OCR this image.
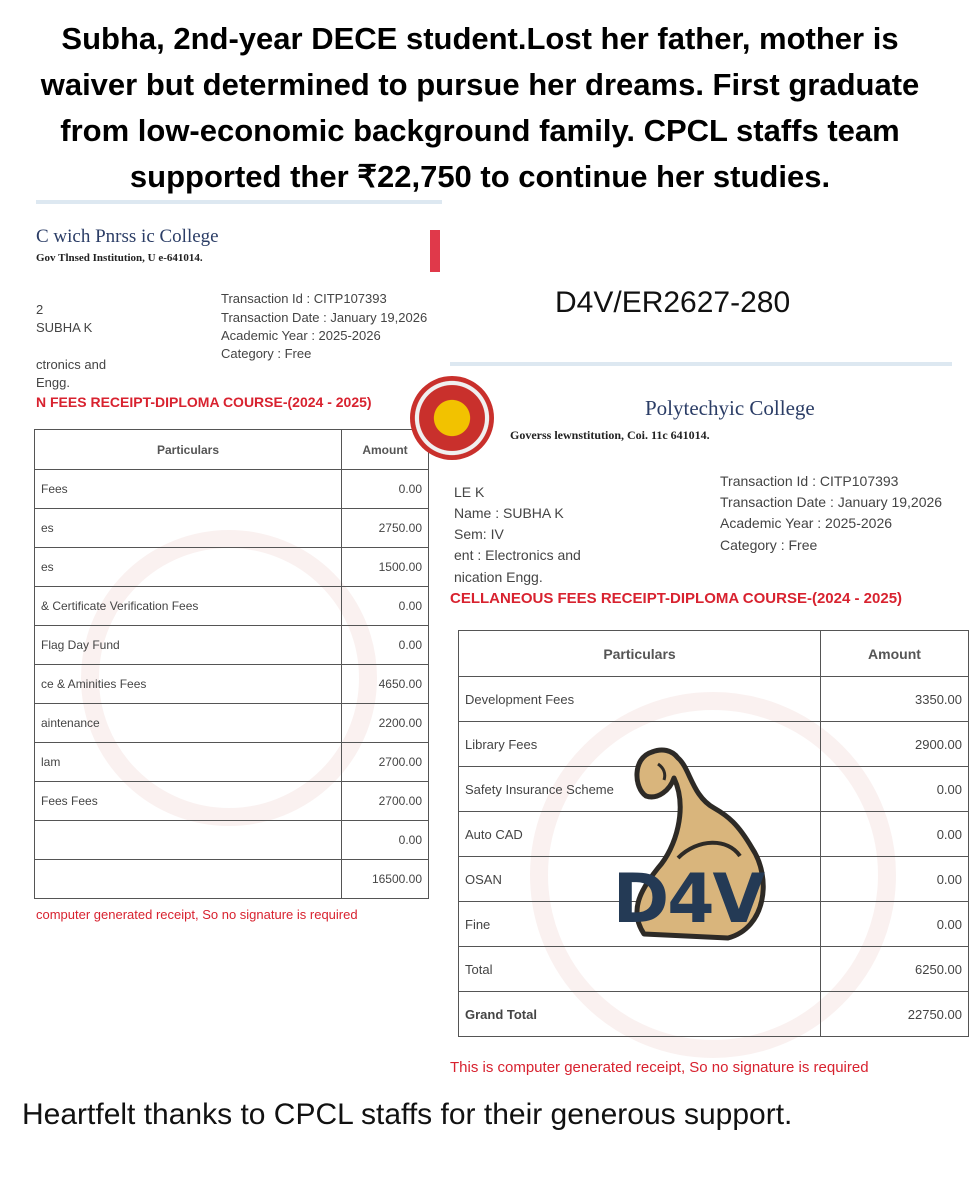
Subha, 2nd-year DECE student.Lost her father, mother is waiver but determined to pursue her dreams. First graduate from low-economic background family. CPCL staffs team supported ther ₹22,750 to continue her studies.
D4V/ER2627-280
C wich Pnrss ic College
Gov Tlnsed Institution, U e-641014.
2
SUBHA K
ctronics and
Engg.
Transaction Id : CITP107393
Transaction Date : January 19,2026
Academic Year : 2025-2026
Category : Free
N FEES RECEIPT-DIPLOMA COURSE-(2024 - 2025)
Particulars	Amount
Fees	0.00
es	2750.00
es	1500.00
& Certificate Verification Fees	0.00
Flag Day Fund	0.00
ce & Aminities Fees	4650.00
aintenance	2200.00
lam	2700.00
Fees Fees	2700.00
	0.00
	16500.00
computer generated receipt, So no signature is required
Polytechyic College
Goverss lewnstitution, Coi. 11c 641014.
LE K
Name : SUBHA K
Sem: IV
ent : Electronics and
nication Engg.
Transaction Id : CITP107393
Transaction Date : January 19,2026
Academic Year : 2025-2026
Category : Free
CELLANEOUS FEES RECEIPT-DIPLOMA COURSE-(2024 - 2025)
Particulars	Amount
Development Fees	3350.00
Library Fees	2900.00
Safety Insurance Scheme	0.00
Auto CAD	0.00
OSAN	0.00
Fine	0.00
Total	6250.00
Grand Total	22750.00
This is computer generated receipt, So no signature is required
D4V
Heartfelt thanks to CPCL staffs for their generous support.
